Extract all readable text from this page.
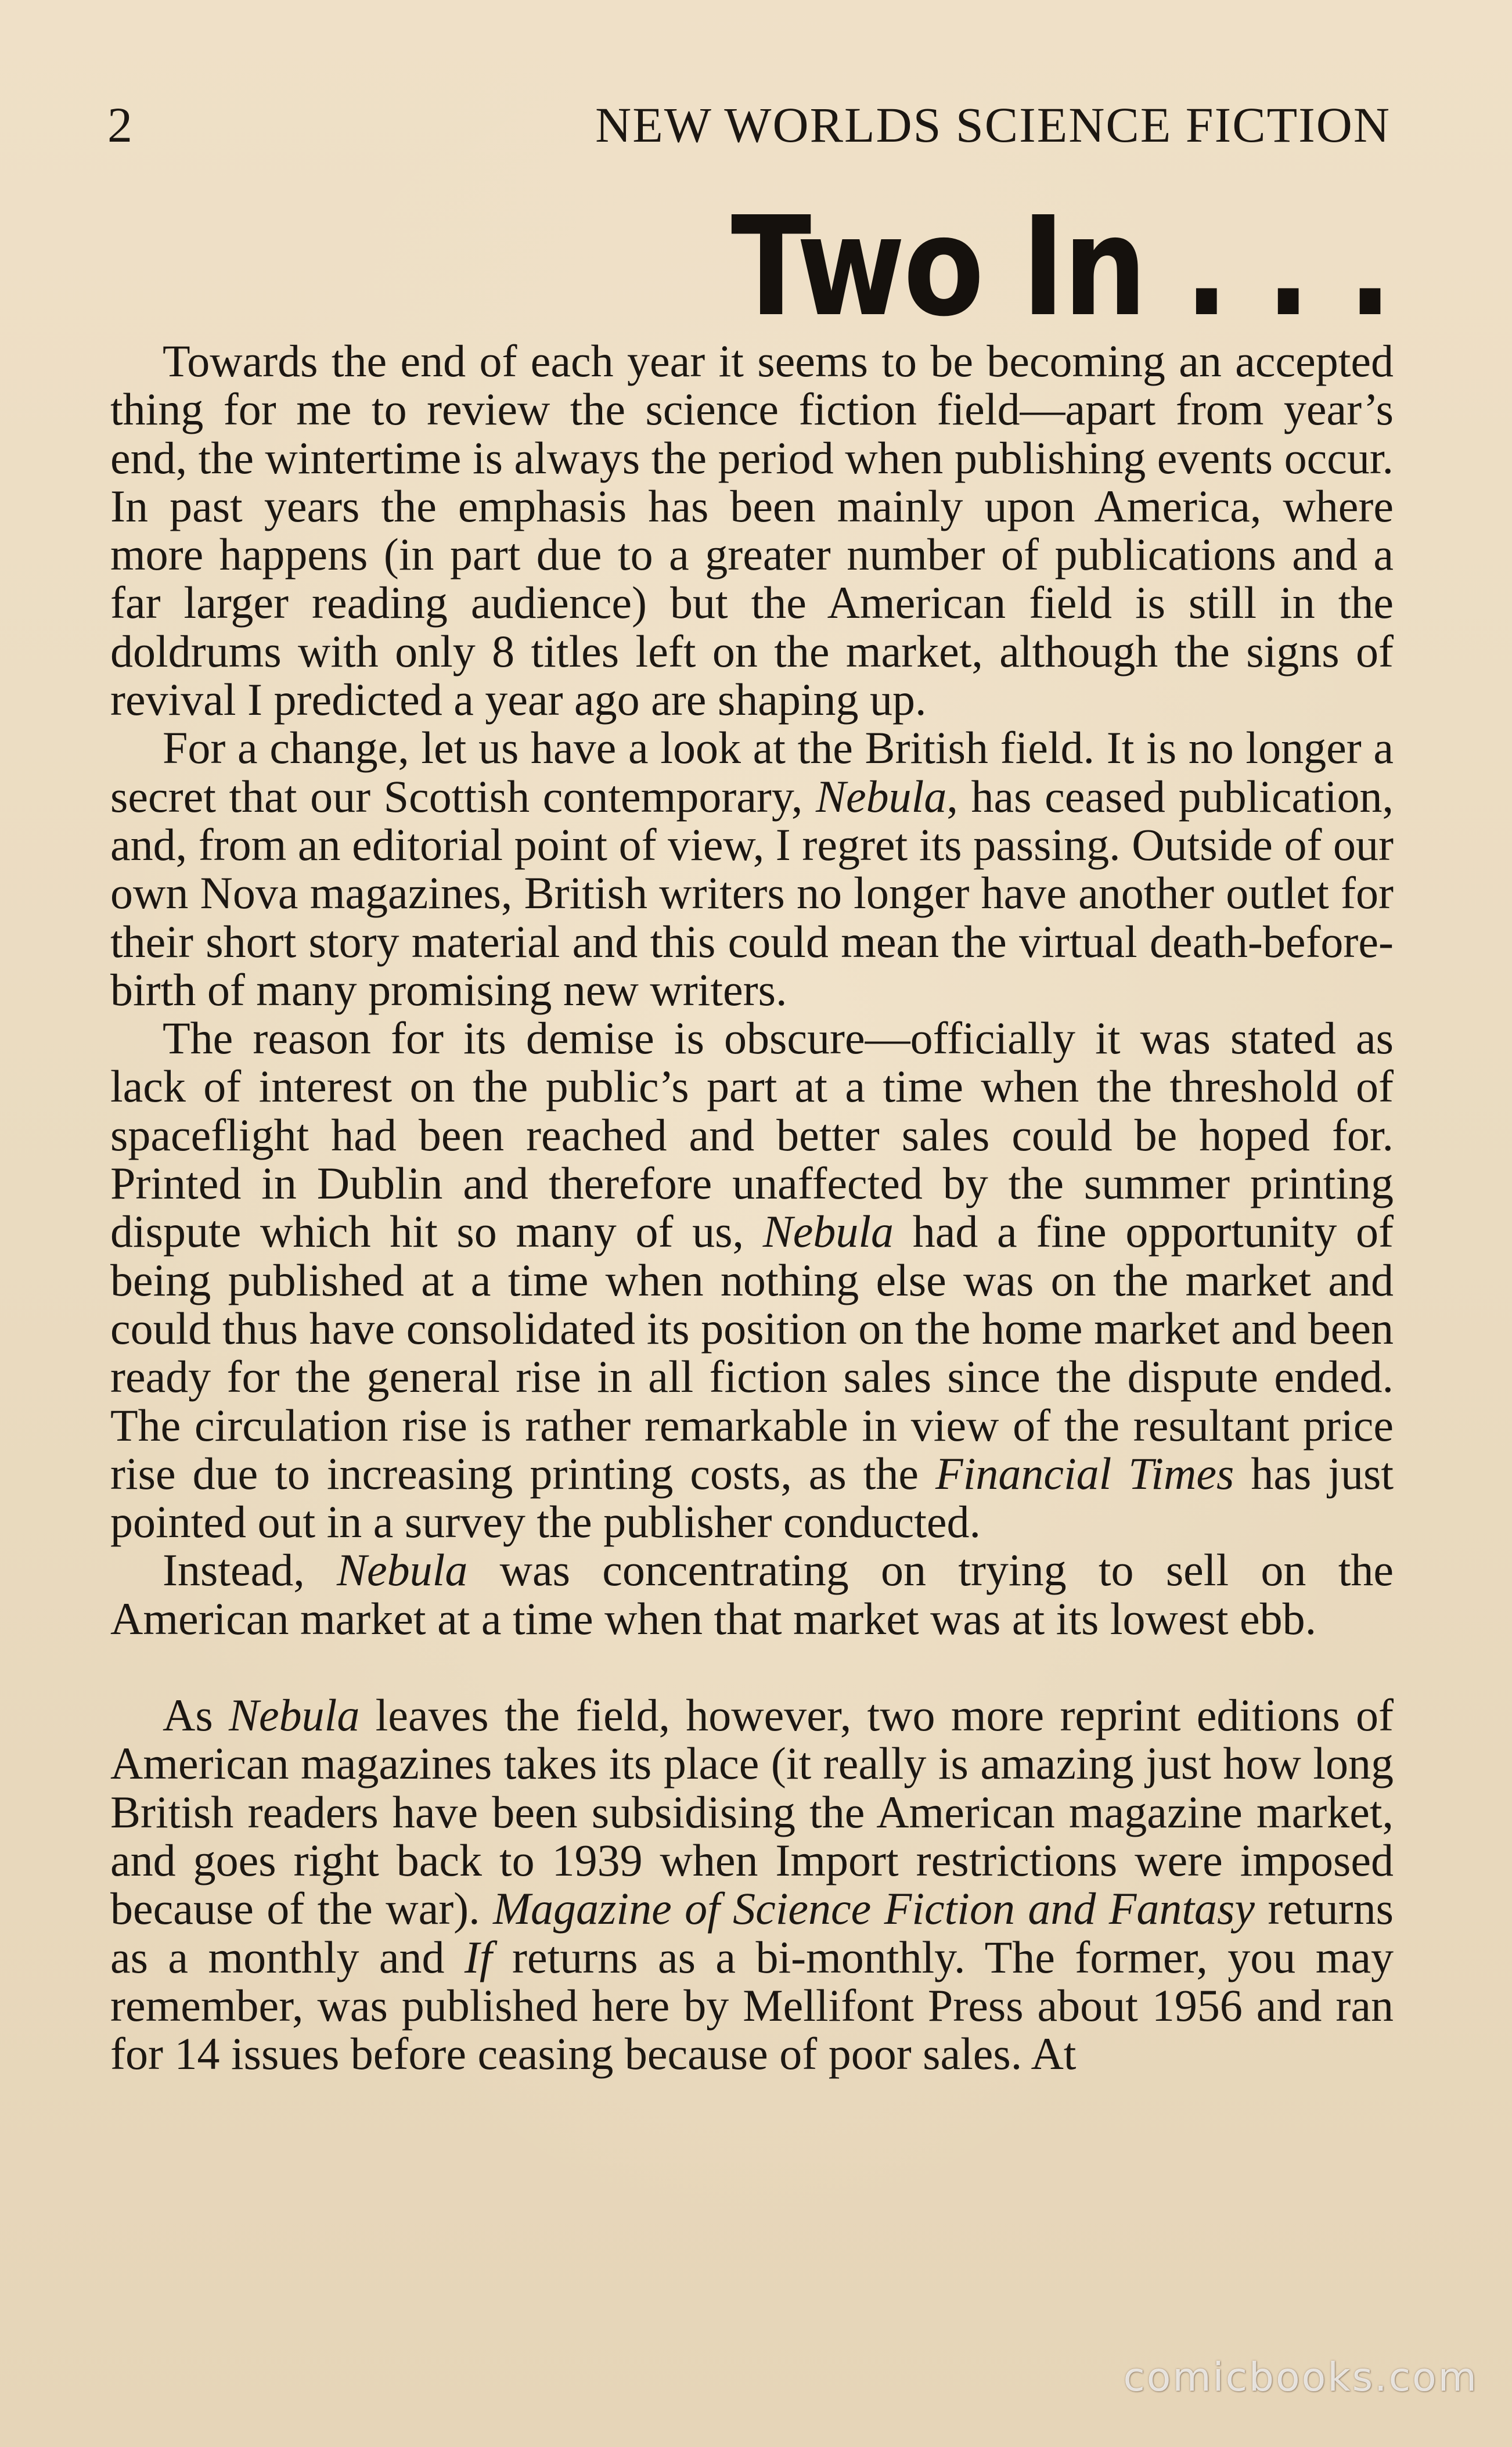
2	NEW WORLDS SCIENCE FICTION
Two In . . .

Towards the end of each year it seems to be becoming an accepted thing for me to review the science fiction field—apart from year’s end, the wintertime is always the period when publishing events occur. In past years the emphasis has been mainly upon America, where more happens (in part due to a greater number of publications and a far larger reading audience) but the American field is still in the doldrums with only 8 titles left on the market, although the signs of revival I predicted a year ago are shaping up.

For a change, let us have a look at the British field. It is no longer a secret that our Scottish contemporary, Nebula, has ceased publication, and, from an editorial point of view, I regret its passing. Outside of our own Nova magazines, British writers no longer have another outlet for their short story material and this could mean the virtual death-before-birth of many promising new writers.

The reason for its demise is obscure—officially it was stated as lack of interest on the public’s part at a time when the threshold of spaceflight had been reached and better sales could be hoped for. Printed in Dublin and therefore unaffected by the summer printing dispute which hit so many of us, Nebula had a fine opportunity of being published at a time when nothing else was on the market and could thus have consolidated its position on the home market and been ready for the general rise in all fiction sales since the dispute ended. The circulation rise is rather remarkable in view of the resultant price rise due to increasing printing costs, as the Financial Times has just pointed out in a survey the publisher conducted.

Instead, Nebula was concentrating on trying to sell on the American market at a time when that market was at its lowest ebb.

As Nebula leaves the field, however, two more reprint editions of American magazines takes its place (it really is amazing just how long British readers have been subsidising the American magazine market, and goes right back to 1939 when Import restrictions were imposed because of the war). Magazine of Science Fiction and Fantasy returns as a monthly and If returns as a bi-monthly. The former, you may remember, was published here by Mellifont Press about 1956 and ran for 14 issues before ceasing because of poor sales. At

comicbooks.com
